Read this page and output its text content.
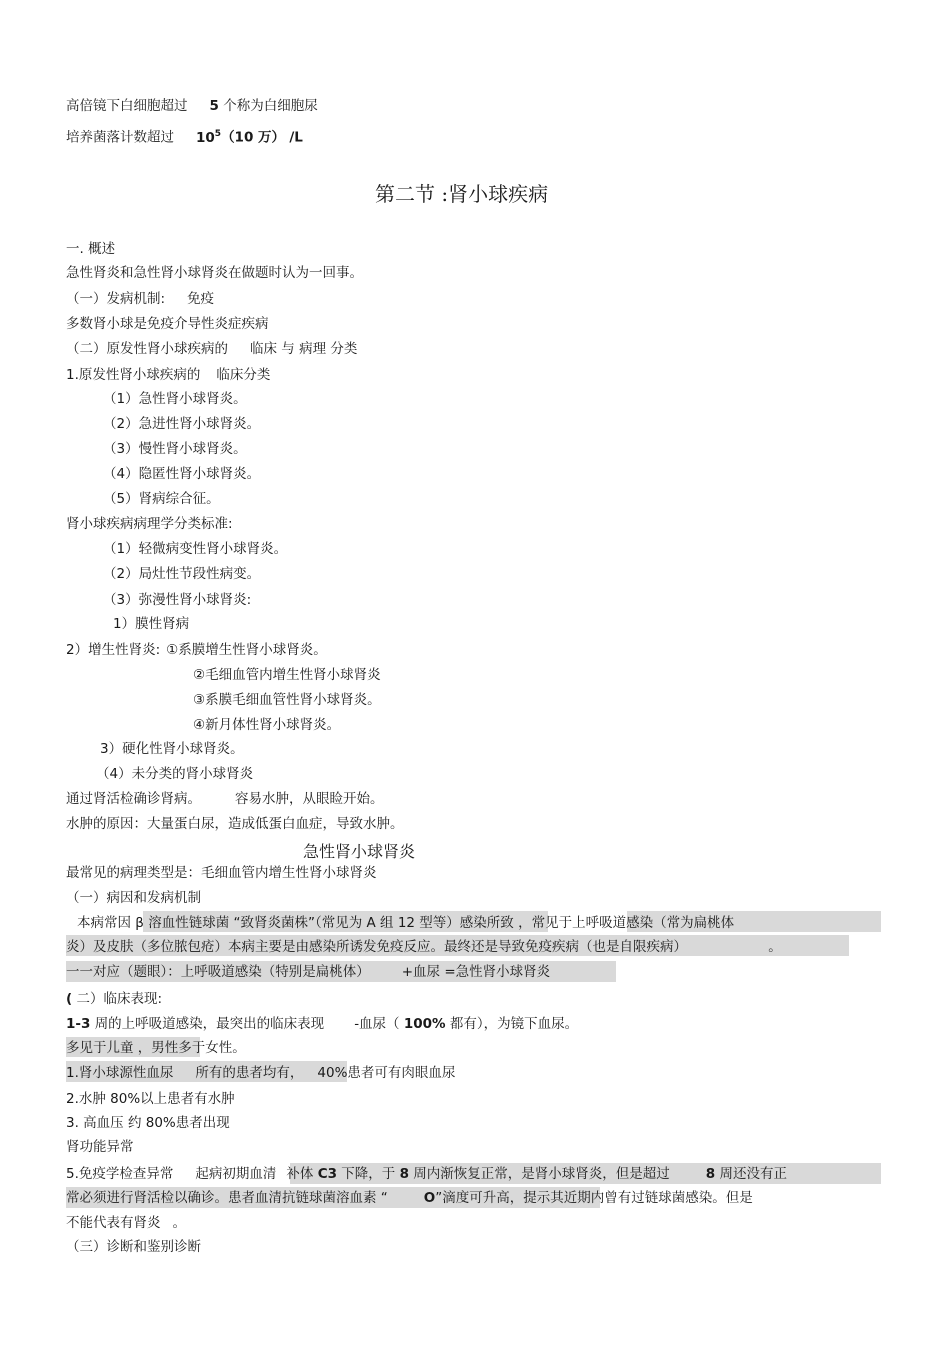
高倍镜下白细胞超过 5 个称为白细胞尿
培养菌落计数超过 $10^5(10$ 万） /L
第二节 :肾小球疾病
一. 概述
急性肾炎和急性肾小球肾炎在做题时认为一回事。
（一）发病机制: 免疫
多数肾小球是免疫介导性炎症疾病
（二）原发性肾小球疾病的 临床 与 病理 分类
1.原发性肾小球疾病的 临床分类
（1）急性肾小球肾炎。
（2）急进性肾小球肾炎。
（3）慢性肾小球肾炎。
（4）隐匿性肾小球肾炎。
（5）肾病综合征。
肾小球疾病病理学分类标准:
（1）轻微病变性肾小球肾炎。
（2）局灶性节段性病变。
（3）弥漫性肾小球肾炎:
1）膜性肾病
2）增生性肾炎: ①系膜增生性肾小球肾炎。
②毛细血管内增生性肾小球肾炎
③系膜毛细血管性肾小球肾炎。
④新月体性肾小球肾炎。
3）硬化性肾小球肾炎。
（4）未分类的肾小球肾炎
通过肾活检确诊肾病。	容易水肿，从眼睑开始。
水肿的原因：大量蛋白尿，造成低蛋白血症，导致水肿。
急性肾小球肾炎
最常见的病理类型是：毛细血管内增生性肾小球肾炎
（一）病因和发病机制
本病常因 β 溶血性链球菌 “致肾炎菌株”（常见为 A 组 12 型等）感染所致 ，常见于上呼吸道感染（常为扁桃体
炎）及皮肤（多位脓包疮）本病主要是由感染所诱发免疫反应。最终还是导致免疫疾病（也是自限疾病）	。
一一对应（题眼）：上呼吸道感染（特别是扁桃体） +血尿 =急性肾小球肾炎
( 二）临床表现:
1-3 周的上呼吸道感染，最突出的临床表现 -血尿（ 100% 都有），为镜下血尿。
多见于儿童 ，男性多于女性。
1.肾小球源性血尿 所有的患者均有， 40%患者可有肉眼血尿
2.水肿 80%以上患者有水肿
3. 高血压 约 80%患者出现
肾功能异常
5.免疫学检查异常 起病初期血清 补体 C3 下降，于 8 周内渐恢复正常，是肾小球肾炎，但是超过	8 周还没有正
常必须进行肾活检以确诊。患者血清抗链球菌溶血素 “	O”滴度可升高，提示其近期内曾有过链球菌感染。但是
不能代表有肾炎 。
（三）诊断和鉴别诊断
